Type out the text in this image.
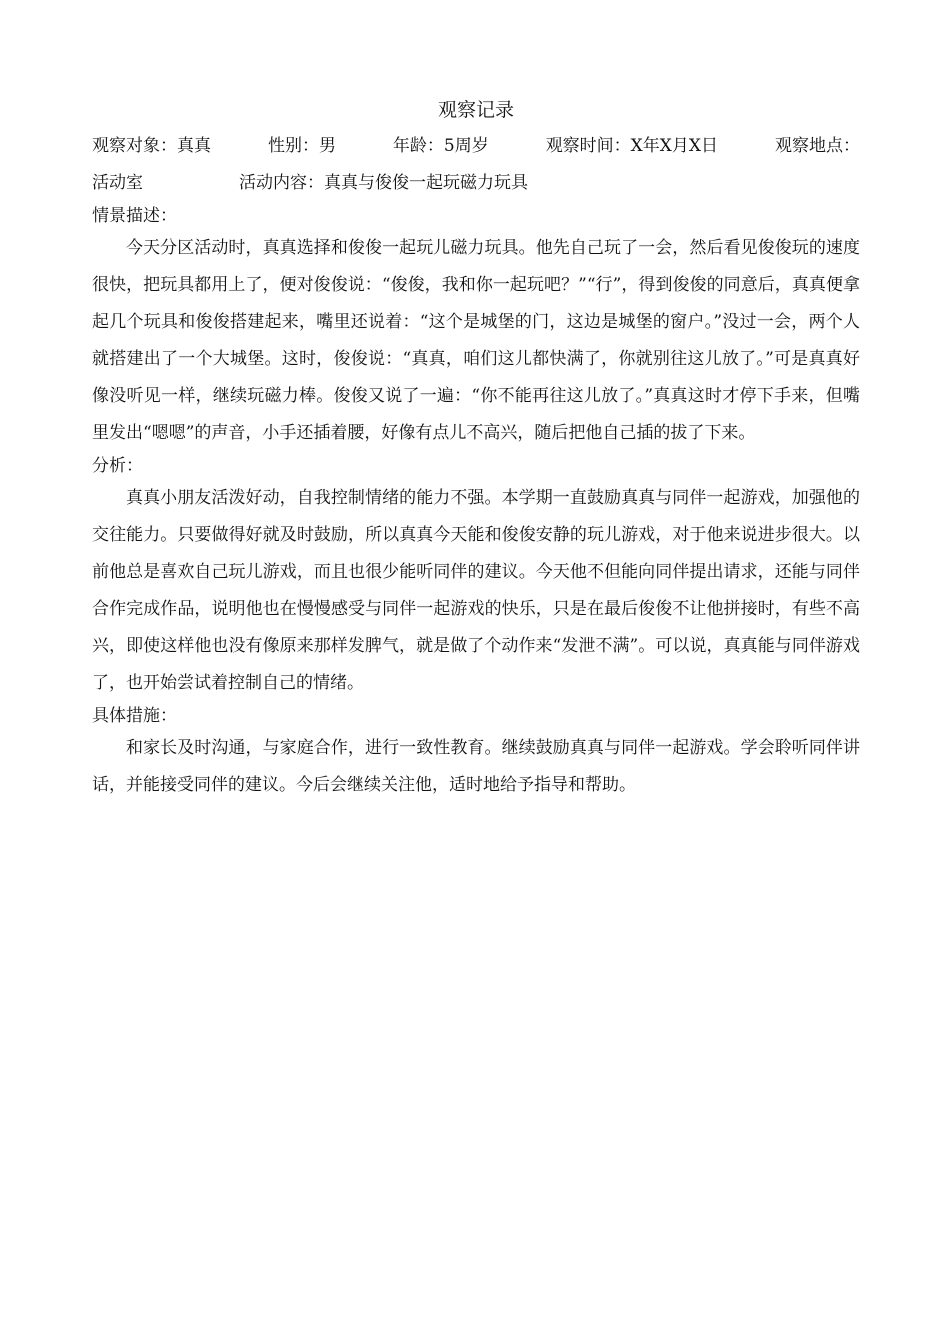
观察记录
观察对象：真真	性别：男	年龄：5周岁	观察时间：X年X月X日	观察地点：
活动室	活动内容：真真与俊俊一起玩磁力玩具

情景描述：

今天分区活动时，真真选择和俊俊一起玩儿磁力玩具。他先自己玩了一会，然后看见俊俊玩的速度很快，把玩具都用上了，便对俊俊说：“俊俊，我和你一起玩吧？”“行”，得到俊俊的同意后，真真便拿起几个玩具和俊俊搭建起来，嘴里还说着：“这个是城堡的门，这边是城堡的窗户。”没过一会，两个人就搭建出了一个大城堡。这时，俊俊说：“真真，咱们这儿都快满了，你就别往这儿放了。”可是真真好像没听见一样，继续玩磁力棒。俊俊又说了一遍：“你不能再往这儿放了。”真真这时才停下手来，但嘴里发出“嗯嗯”的声音，小手还插着腰，好像有点儿不高兴，随后把他自己插的拔了下来。

分析：

真真小朋友活泼好动，自我控制情绪的能力不强。本学期一直鼓励真真与同伴一起游戏，加强他的交往能力。只要做得好就及时鼓励，所以真真今天能和俊俊安静的玩儿游戏，对于他来说进步很大。以前他总是喜欢自己玩儿游戏，而且也很少能听同伴的建议。今天他不但能向同伴提出请求，还能与同伴合作完成作品，说明他也在慢慢感受与同伴一起游戏的快乐，只是在最后俊俊不让他拼接时，有些不高兴，即使这样他也没有像原来那样发脾气，就是做了个动作来“发泄不满”。可以说，真真能与同伴游戏了，也开始尝试着控制自己的情绪。

具体措施：

和家长及时沟通，与家庭合作，进行一致性教育。继续鼓励真真与同伴一起游戏。学会聆听同伴讲话，并能接受同伴的建议。今后会继续关注他，适时地给予指导和帮助。
